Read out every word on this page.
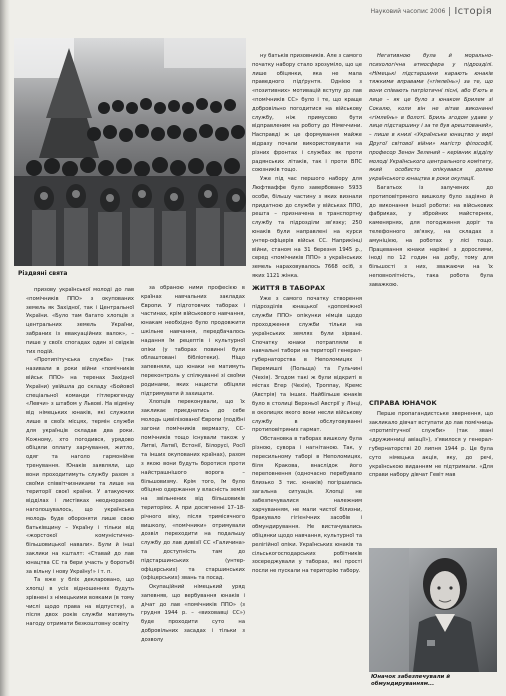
Науковий часопис 2006 Історія
Різдвяні свята

призову української молоді до лав «помічників ППО» з окупованих земель як Західної, так і Центральної України. «Було там багато хлопців з центральних земель України, забраних із евакуаційних валок», – пише у своїх спогадах один зі свідків тих подій.

«Протипітучська служба» (так називали в роки війни «помічників військ ППО» на теренах Західної України) увійшла до складу «Бойової спеціальної команди гітлерюгенду «Левчи» з штабом у Львові. На відміну від німецьких юнаків, які служили лише в своїх місцях, термін служби для українців складав два роки. Кожному, хто погодився, урядово обіцяли оплату харчування, житло, одяг та наголо гармонійне тренування. Юнаків заявляли, що вони проходитимуть службу разом з своїми співвітчизниками та лише на території своєї країни. У атакуючих відділах і листівках неодноразово наголошувалось, що українська молодь буде обороняти лише свою батьківщину – Україну і тільки від «жорстокої комуністично-більшовицької навали». Були й інші заклики на кшталт: «Ставай до лав юнацтва СС та бери участь у боротьбі за вільну і нову Україну!» і т. п.

Та вже у бліх декларовано, що хлопці в усіх відношеннях будуть зрівнені з німецькими вояками (в тому числі щодо права на відпустку), а після двох років служби матимуть нагоду отримати безкоштовну освіту

за обраною ними професією в країнах навчальних закладах Європи. У підготовчих таборах і частинах, крім військового навчання, юнакам необхідно було продовжити шкільне навчання, передбачалось надання їм рецептів і культурної опіки (у таборах повинні були облаштовані бібліотеки). Ніщо запевняли, що юнаки не матимуть переконтроль у спілкуванні зі своїми родинами, яких нацисти обіцяли підтримувати й захищати.

Хлопців переконували, що їх закликає приєднатись до себе молодь цивілізованої Європи (подібні загони помічників вермахту, СС-помічників тощо існували також у Литві, Латвії, Естонії, Білорусі, Росії та інших окупованих країнах), разом з якою вони будуть боротися проти найстрашнішого ворога – більшовизму. Крім того, їм було обіцяно одержання у власність землі на звільнених від більшовиків територіях. А при досягненні 17–18-річного віку, після тримісячного вишколу, «помічники» отримували дозвіл переходити на подальшу службу до лав дивізії СС «Галичина» та доступність там до підстаршинських (унтер-офіцерських) та старшинських (офіцерських) звань та посад.

Окупаційний німецький уряд запевняв, що вербування юнаків і дічат до лав «помічників ППО» (з грудня 1944 р. – «виховавці СС») буде проходити суто на добровільних засадах і тільки з дозволу

ну батьків призовників. Але з самого початку набору стало зрозуміло, що це лише обіцянки, яка не мала праведного підґрунтя. Однією з «позитивних» мотивацій вступу до лав «помічників СС» було і те, що краще добровільно погодитися на військову службу, ніж примусово бути відправленим на роботу до Німеччини. Насправді ж це формування майже відразу почали використовувати на різних фронтах і службах як проти радянських літаків, так і проти ВПС союзників тощо.

Уже під час першого набору для Люфтваффе було завербовано 5933 особи, більшу частину з яких визнали придатною до служби у військах ППО, решта – призначена в транспортну службу та підрозділи зв'язку; 250 юнаків були направлені на курси унтер-офіцерів військ СС. Наприкінці війни, станом на 31 березня 1945 р., серед «помічників ППО» з українських земель нараховувалось 7668 осіб, з яких 1121 жінка.

ЖИТТЯ В ТАБОРАХ

Уже з самого початку створення підрозділів юнацької «допоміжної служби ППО» опікунки німців щодо проходження служби тільки на українських землях були зірвані. Спочатку юнаки потрапляли в навчальні табори на території генерал-губернаторства в Неполомицях і Перемишлі (Польща) та Гульчині (Чехія). Згодом такі ж були відкриті в містах Егер (Чехія), Троппау, Кремс (Австрія) та інших. Найбільше юнаків було в столиці Верхньої Австрії у Лінці, в околицях якого вони несли військову службу в обслуговуванні протиповітряних гармат.

Обстановка в таборах вишколу була різною, сувора і нагнітаною. Так, у пересильному таборі в Неполомицях, біля Кракова, внаслідок його переповнення (одночасно перебувало близько 3 тис. юнаків) погіршилась загальна ситуація. Хлопці не забезпечувалися належним харчуванням, не мали чистої білизни, бракувало гігієнічних засобів і обмундирування. Не вистачувались обіцянки щодо навчання, культурної та релігійної опіки. Українських юнаків та сільськогосподарських робітників зосереджували у таборах, які прості посли не пускали на територію табору.

Негативною була й морально-психологічна атмосфера у підрозділі. «Німецькі підстаршини карають юнаків тяжкими вправами («гімлеїнь») за те, що вони співають патріотичні пісні, або б'ють в лице – як це було з юнаком Брилем зі Сокалю, коли він не вітав виконанні «гімлеїнь» в болоті. Бриль згодом удаве у лице підстаршину і за те був арештований», – пише в книзі «Українське юнацтво у вирі Другої світової війни» магістр філософії, професор Зенон Зелений – керівник відділу молоді Українського центрального комітету, який особисто опікувався долею українського юнацтва в роки окупації.

Багатьох із залучених до протиповітряного вишколу було задіяно й до виконання іншої роботи: на військових фабриках, у збройних майстернях, каменярнях, для погодження доріг та телефонного зв'язку, на складах з амуніцією, на роботах у лісі тощо. Працевання юнаки нарівні з дорослими, іноді по 12 годин на добу, тому для більшості з них, зважаючи на їх неповнолітність, така робота була заважкою.

СПРАВА ЮНАЧОК

Перше пропагандистське звернення, що закликало дівчат вступати до лав помічниць «протипітучної служби» (так звані «дружинниці авіації»), з'явилося у генерал-губернаторстві 20 липня 1944 р. Це була суто німецька акція, яку, до речі, українською виданням не підтримали. «Для справи набору дівчат Гевіт мав

Юначок забезпечували й обмундируванням...
